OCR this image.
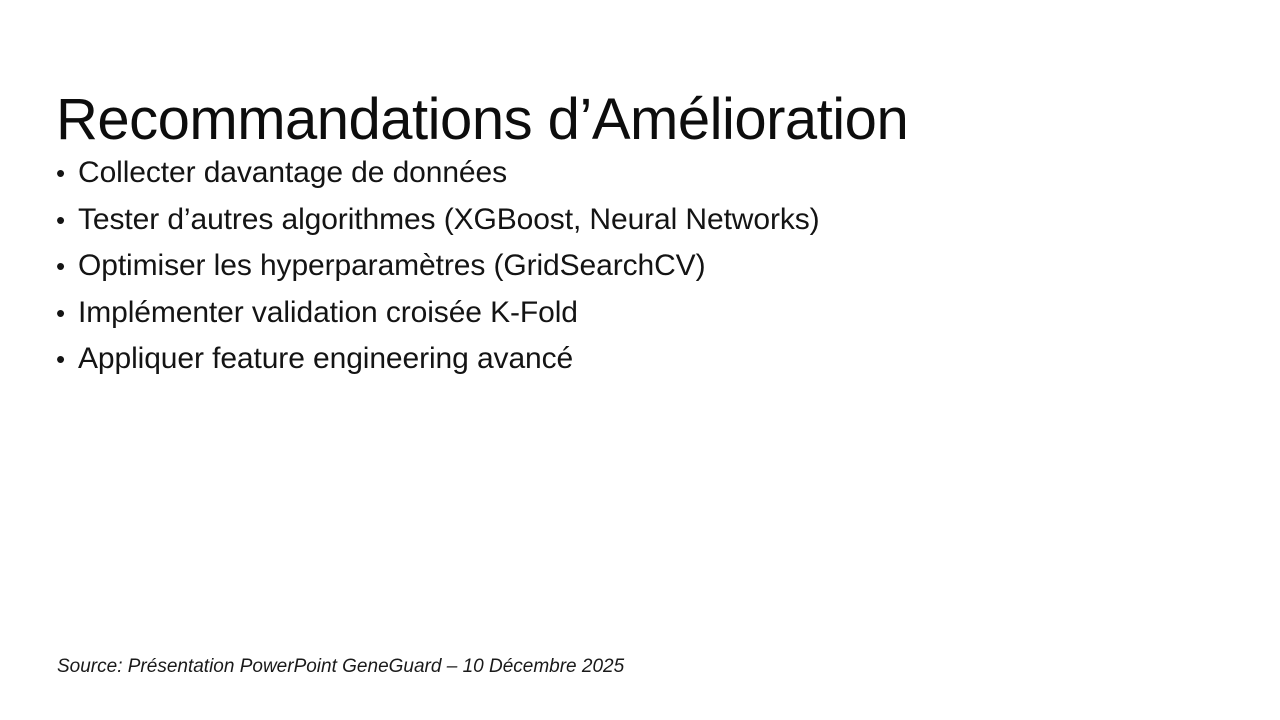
Recommandations d’Amélioration
• Collecter davantage de données
• Tester d’autres algorithmes (XGBoost, Neural Networks)
• Optimiser les hyperparamètres (GridSearchCV)
• Implémenter validation croisée K-Fold
• Appliquer feature engineering avancé
Source: Présentation PowerPoint GeneGuard – 10 Décembre 2025
